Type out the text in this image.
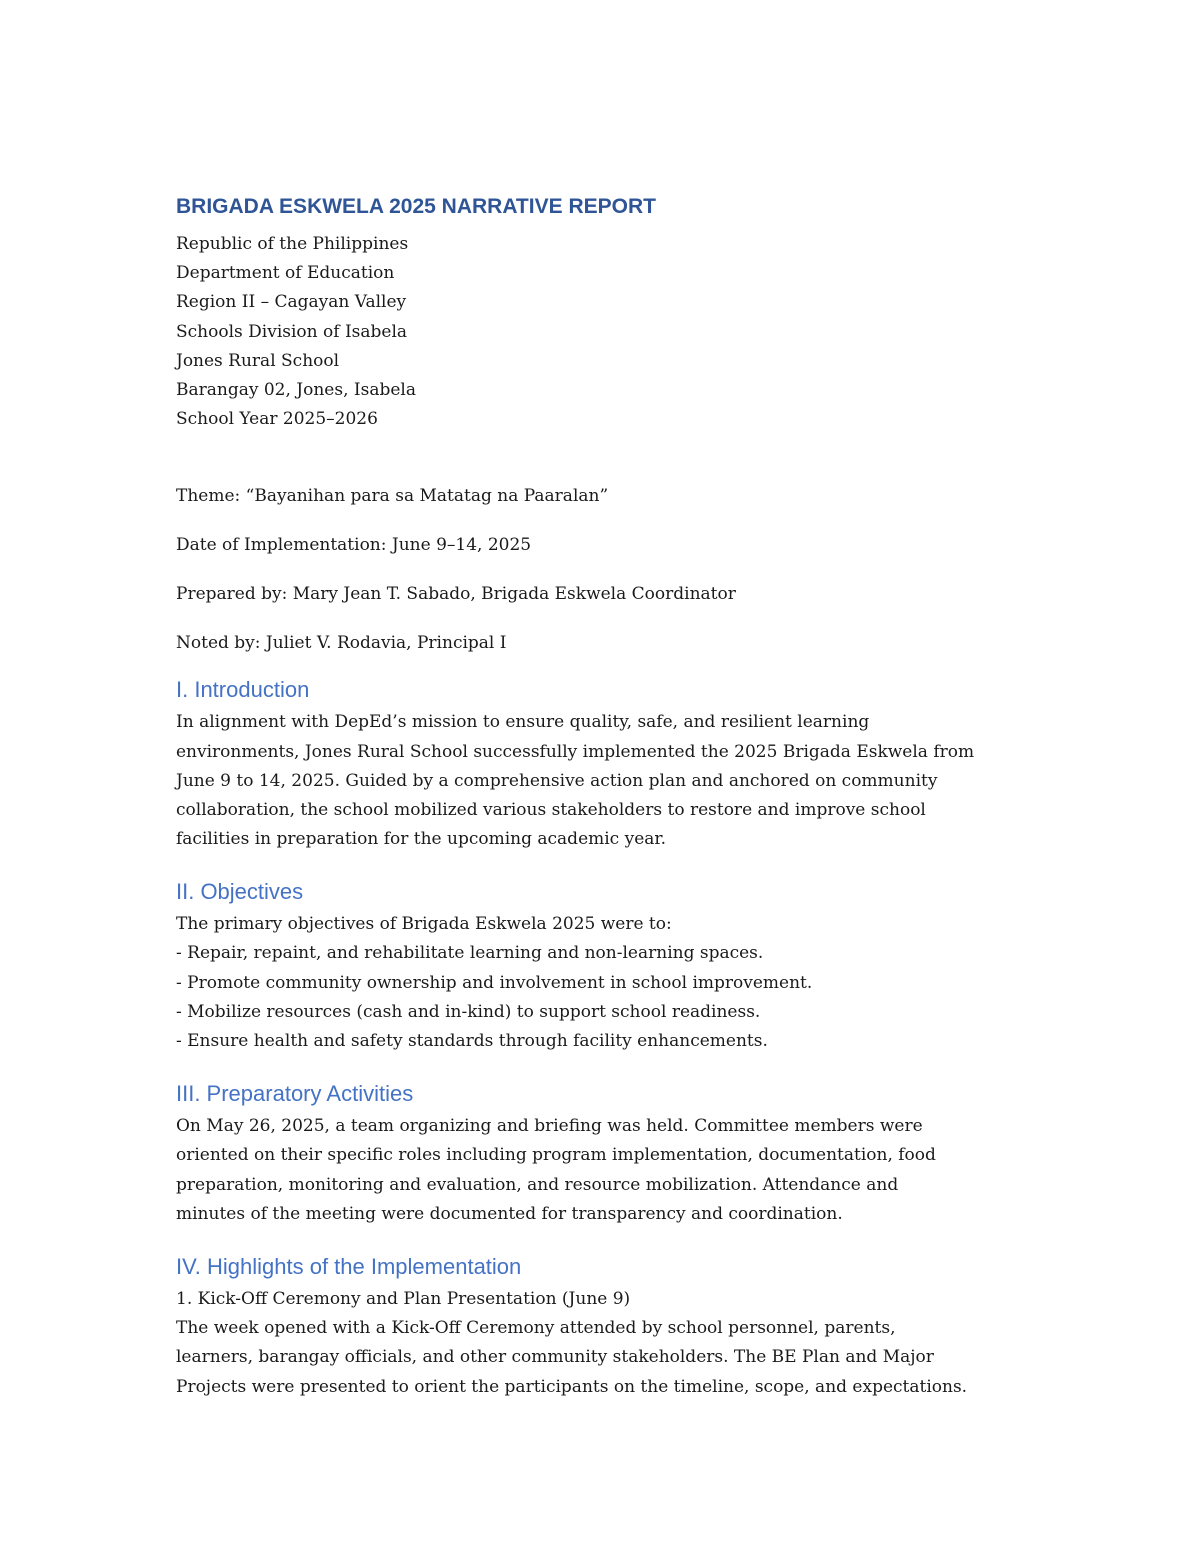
BRIGADA ESKWELA 2025 NARRATIVE REPORT
Republic of the Philippines
Department of Education
Region II – Cagayan Valley
Schools Division of Isabela
Jones Rural School
Barangay 02, Jones, Isabela
School Year 2025–2026
Theme: “Bayanihan para sa Matatag na Paaralan”
Date of Implementation: June 9–14, 2025
Prepared by: Mary Jean T. Sabado, Brigada Eskwela Coordinator
Noted by: Juliet V. Rodavia, Principal I
I. Introduction
In alignment with DepEd’s mission to ensure quality, safe, and resilient learning
environments, Jones Rural School successfully implemented the 2025 Brigada Eskwela from
June 9 to 14, 2025. Guided by a comprehensive action plan and anchored on community
collaboration, the school mobilized various stakeholders to restore and improve school
facilities in preparation for the upcoming academic year.
II. Objectives
The primary objectives of Brigada Eskwela 2025 were to:
- Repair, repaint, and rehabilitate learning and non-learning spaces.
- Promote community ownership and involvement in school improvement.
- Mobilize resources (cash and in-kind) to support school readiness.
- Ensure health and safety standards through facility enhancements.
III. Preparatory Activities
On May 26, 2025, a team organizing and briefing was held. Committee members were
oriented on their specific roles including program implementation, documentation, food
preparation, monitoring and evaluation, and resource mobilization. Attendance and
minutes of the meeting were documented for transparency and coordination.
IV. Highlights of the Implementation
1. Kick-Off Ceremony and Plan Presentation (June 9)
The week opened with a Kick-Off Ceremony attended by school personnel, parents,
learners, barangay officials, and other community stakeholders. The BE Plan and Major
Projects were presented to orient the participants on the timeline, scope, and expectations.
